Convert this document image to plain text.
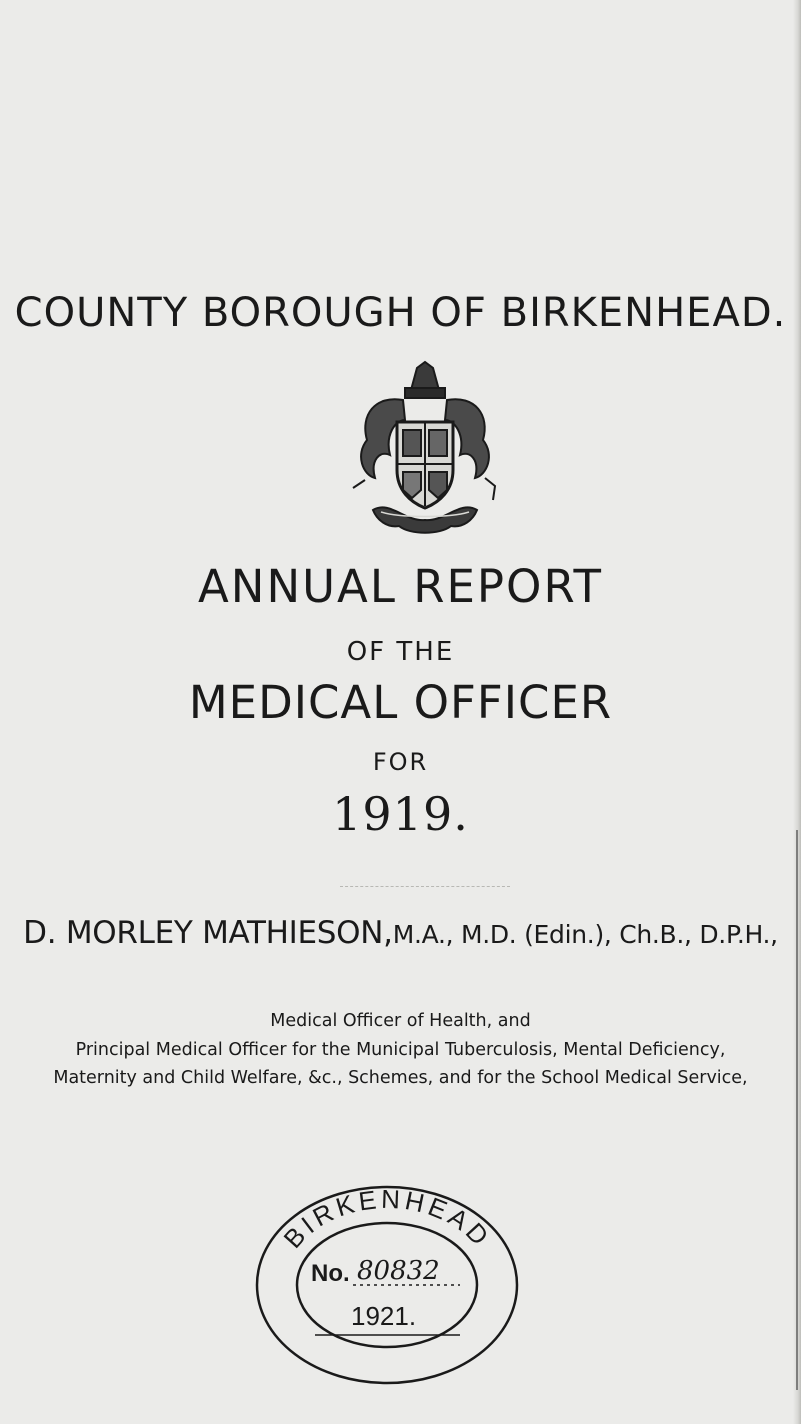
COUNTY BOROUGH OF BIRKENHEAD.
ANNUAL REPORT
OF THE
MEDICAL OFFICER
FOR
1919.
D. MORLEY MATHIESON,M.A., M.D. (Edin.), Ch.B., D.P.H.,
Medical Officer of Health, and
Principal Medical Officer for the Municipal Tuberculosis, Mental Deficiency,
Maternity and Child Welfare, &c., Schemes, and for the School Medical Service,
BIRKENHEAD
No. 80832
1921.
